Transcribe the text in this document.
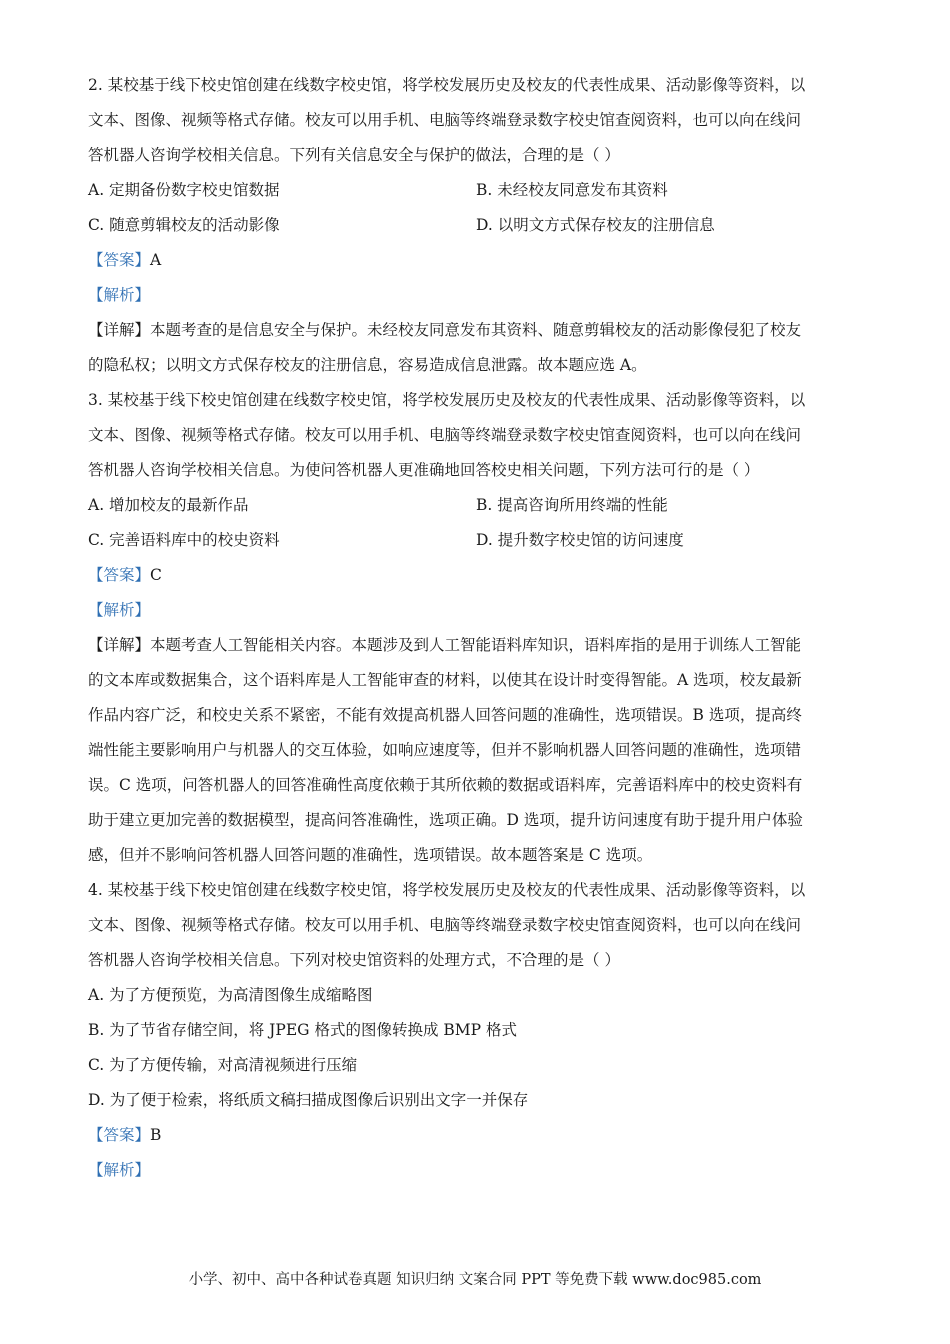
2. 某校基于线下校史馆创建在线数字校史馆，将学校发展历史及校友的代表性成果、活动影像等资料，以

文本、图像、视频等格式存储。校友可以用手机、电脑等终端登录数字校史馆查阅资料，也可以向在线问

答机器人咨询学校相关信息。下列有关信息安全与保护的做法，合理的是（ ）

A. 定期备份数字校史馆数据	B. 未经校友同意发布其资料
C. 随意剪辑校友的活动影像	D. 以明文方式保存校友的注册信息

【答案】A

【解析】

【详解】本题考查的是信息安全与保护。未经校友同意发布其资料、随意剪辑校友的活动影像侵犯了校友

的隐私权；以明文方式保存校友的注册信息，容易造成信息泄露。故本题应选 A。

3. 某校基于线下校史馆创建在线数字校史馆，将学校发展历史及校友的代表性成果、活动影像等资料，以

文本、图像、视频等格式存储。校友可以用手机、电脑等终端登录数字校史馆查阅资料，也可以向在线问

答机器人咨询学校相关信息。为使问答机器人更准确地回答校史相关问题，下列方法可行的是（ ）

A. 增加校友的最新作品	B. 提高咨询所用终端的性能
C. 完善语料库中的校史资料	D. 提升数字校史馆的访问速度

【答案】C

【解析】

【详解】本题考查人工智能相关内容。本题涉及到人工智能语料库知识，语料库指的是用于训练人工智能

的文本库或数据集合，这个语料库是人工智能审查的材料，以使其在设计时变得智能。A 选项，校友最新

作品内容广泛，和校史关系不紧密，不能有效提高机器人回答问题的准确性，选项错误。B 选项，提高终

端性能主要影响用户与机器人的交互体验，如响应速度等，但并不影响机器人回答问题的准确性，选项错

误。C 选项，问答机器人的回答准确性高度依赖于其所依赖的数据或语料库，完善语料库中的校史资料有

助于建立更加完善的数据模型，提高问答准确性，选项正确。D 选项，提升访问速度有助于提升用户体验

感，但并不影响问答机器人回答问题的准确性，选项错误。故本题答案是 C 选项。

4. 某校基于线下校史馆创建在线数字校史馆，将学校发展历史及校友的代表性成果、活动影像等资料，以

文本、图像、视频等格式存储。校友可以用手机、电脑等终端登录数字校史馆查阅资料，也可以向在线问

答机器人咨询学校相关信息。下列对校史馆资料的处理方式，· · · 不合理的是（ ）

A. 为了方便预览，为高清图像生成缩略图

B. 为了节省存储空间，将 JPEG 格式的图像转换成 BMP 格式

C. 为了方便传输，对高清视频进行压缩

D. 为了便于检索，将纸质文稿扫描成图像后识别出文字一并保存

【答案】B

【解析】

小学、初中、高中各种试卷真题 知识归纳 文案合同 PPT 等免费下载 www.doc985.com
